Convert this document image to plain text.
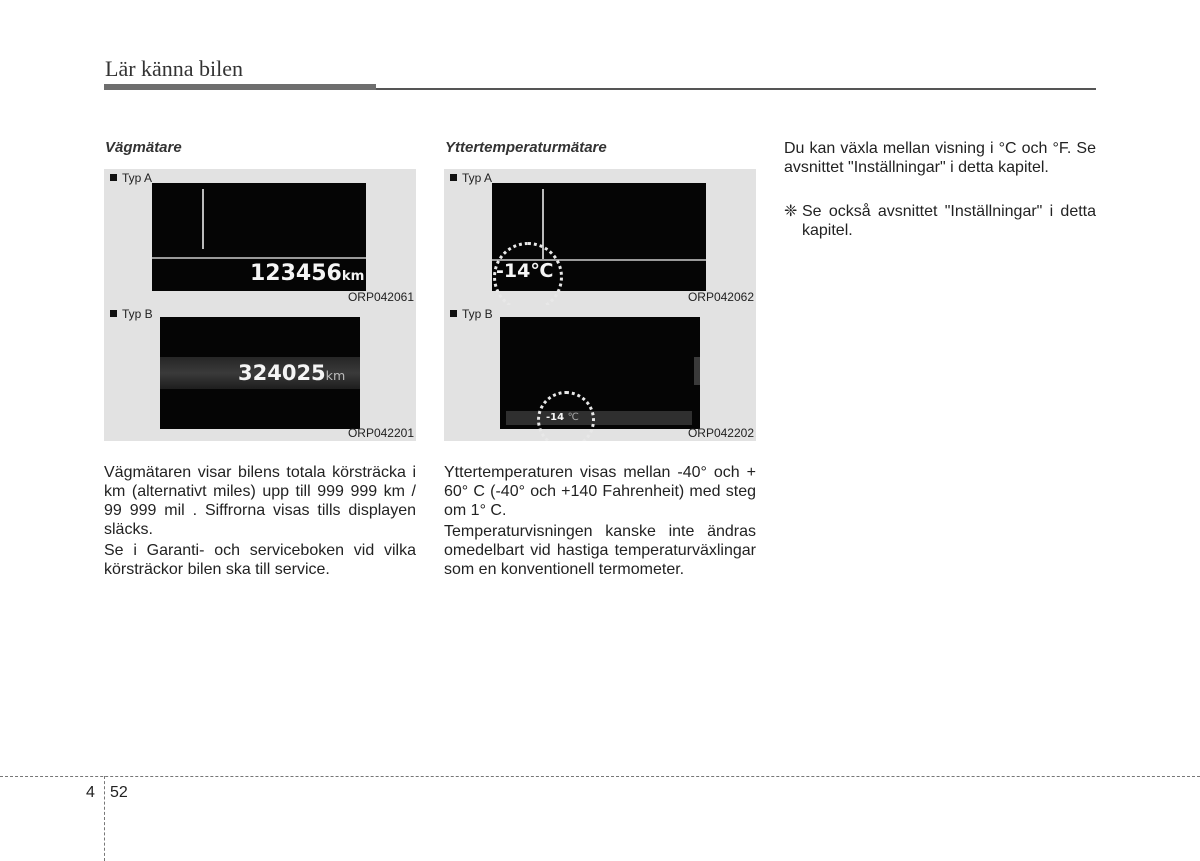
Lär känna bilen
Vägmätare
Typ A
123456km
ORP042061
Typ B
324025km
ORP042201

Vägmätaren visar bilens totala körsträcka i km (alternativt miles) upp till 999 999 km / 99 999 mil . Siffrorna visas tills displayen släcks.

Se i Garanti- och serviceboken vid vilka körsträckor bilen ska till service.

Yttertemperaturmätare
Typ A
-14℃
ORP042062
Typ B
-14 ℃
ORP042202

Yttertemperaturen visas mellan -40° och + 60° C (-40° och +140 Fahrenheit) med steg om 1° C.

Temperaturvisningen kanske inte ändras omedelbart vid hastiga temperaturväxlingar som en konventionell termometer.

Du kan växla mellan visning i °C och °F. Se avsnittet "Inställningar" i detta kapitel.

❈ Se också avsnittet "Inställningar" i detta kapitel.

4 52
